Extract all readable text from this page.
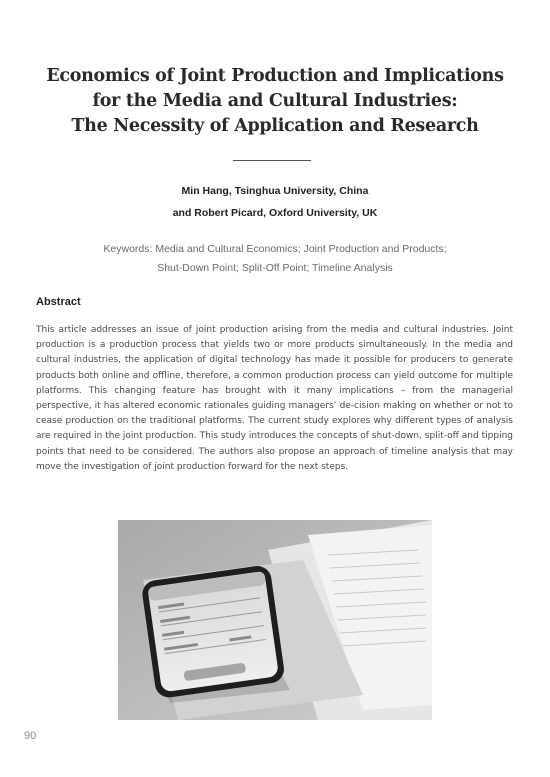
Economics of Joint Production and Implications
for the Media and Cultural Industries:
The Necessity of Application and Research
Min Hang, Tsinghua University, China
and Robert Picard, Oxford University, UK
Keywords: Media and Cultural Economics; Joint Production and Products;
Shut-Down Point; Split-Off Point; Timeline Analysis
Abstract
This article addresses an issue of joint production arising from the media and cultural industries. Joint production is a production process that yields two or more products simultaneously. In the media and cultural industries, the application of digital technology has made it possible for producers to generate products both online and offline, therefore, a common production process can yield outcome for multiple platforms. This changing feature has brought with it many implications – from the managerial perspective, it has altered economic rationales guiding managers’ de-cision making on whether or not to cease production on the traditional platforms. The current study explores why different types of analysis are required in the joint production. This study introduces the concepts of shut-down, split-off and tipping points that need to be considered. The authors also propose an approach of timeline analysis that may move the investigation of joint production forward for the next steps.
90
